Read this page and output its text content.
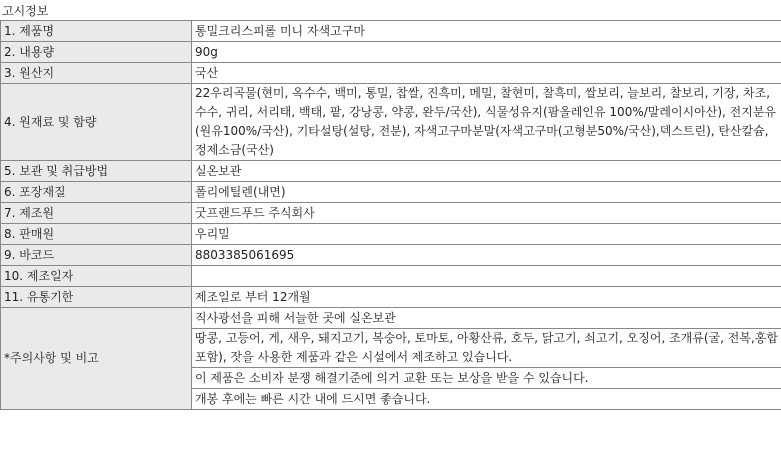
고시정보
1. 제품명	통밀크리스피롤 미니 자색고구마
2. 내용량	90g
3. 원산지	국산
4. 원재료 및 함량	22우리곡물(현미, 옥수수, 백미, 통밀, 찹쌀, 진흑미, 메밀, 찰현미, 찰흑미, 쌀보리, 늘보리, 찰보리, 기장, 차조, 수수, 귀리, 서리태, 백태, 팥, 강낭콩, 약콩, 완두/국산), 식물성유지(팜올레인유 100%/말레이시아산), 전지분유(원유100%/국산), 기타설탕(설탕, 전분), 자색고구마분말(자색고구마(고형분50%/국산),덱스트린), 탄산칼슘, 정제소금(국산)
5. 보관 및 취급방법	실온보관
6. 포장재질	폴리에틸렌(내면)
7. 제조원	굿프랜드푸드 주식회사
8. 판매원	우리밀
9. 바코드	8803385061695
10. 제조일자	
11. 유통기한	제조일로 부터 12개월
*주의사항 및 비고	직사광선을 피해 서늘한 곳에 실온보관
	땅콩, 고등어, 게, 새우, 돼지고기, 복숭아, 토마토, 아황산류, 호두, 닭고기, 쇠고기, 오징어, 조개류(굴, 전복,홍합 포함), 잣을 사용한 제품과 같은 시설에서 제조하고 있습니다.
	이 제품은 소비자 분쟁 해결기준에 의거 교환 또는 보상을 받을 수 있습니다.
	개봉 후에는 빠른 시간 내에 드시면 좋습니다.
